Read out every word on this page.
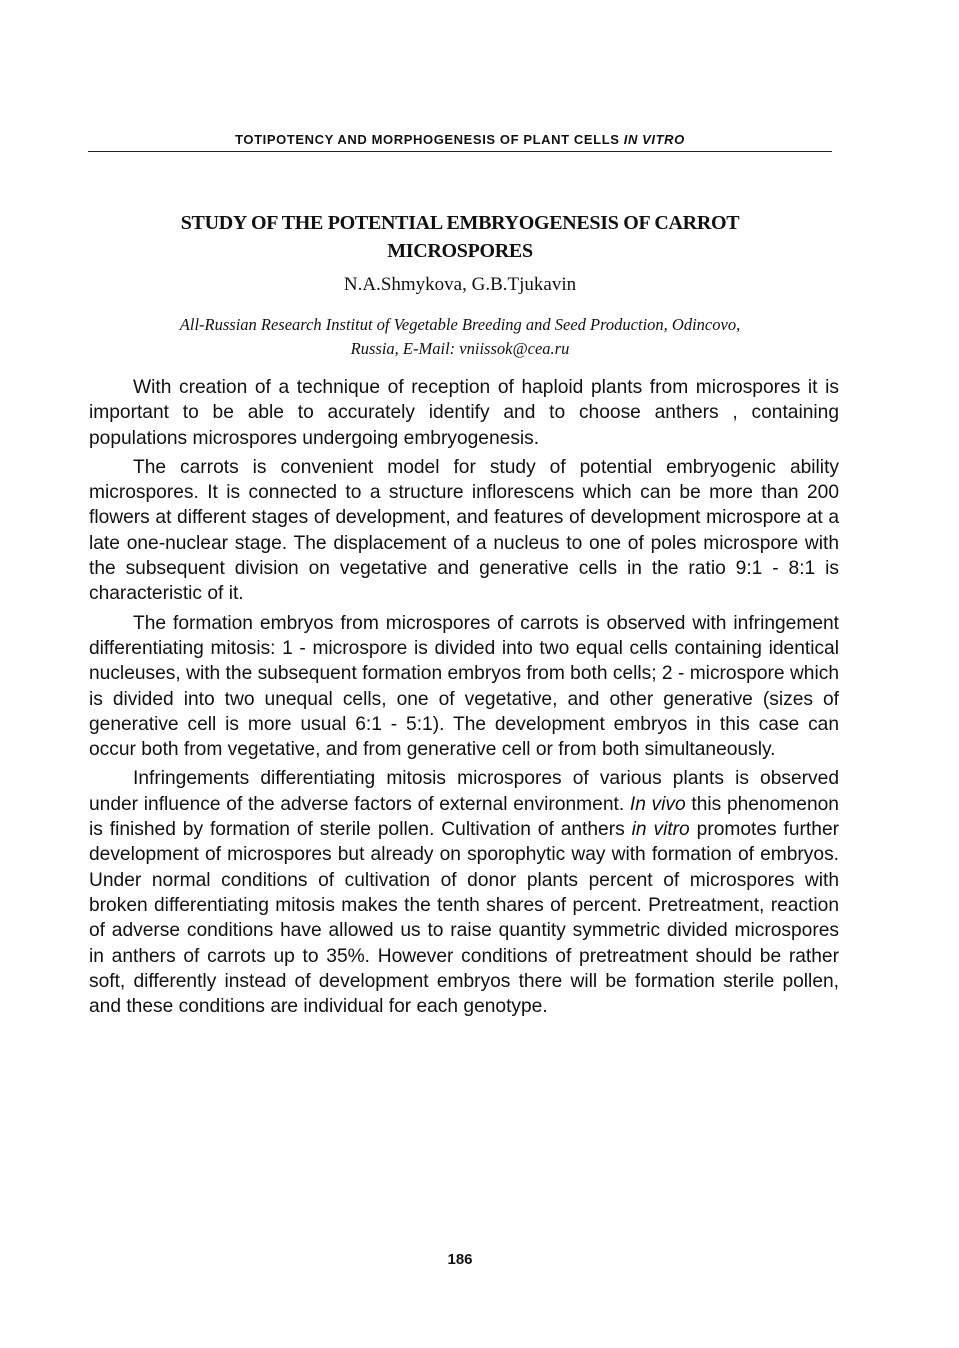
TOTIPOTENCY AND MORPHOGENESIS OF PLANT CELLS IN VITRO
STUDY OF THE POTENTIAL EMBRYOGENESIS OF CARROT
MICROSPORES
N.A.Shmykova, G.B.Tjukavin
All-Russian Research Institut of Vegetable Breeding and Seed Production, Odincovo,
Russia, E-Mail: vniissok@cea.ru

With creation of a technique of reception of haploid plants from microspores it is important to be able to accurately identify and to choose anthers , containing populations microspores undergoing embryogenesis.

The carrots is convenient model for study of potential embryogenic ability microspores. It is connected to a structure inflorescens which can be more than 200 flowers at different stages of development, and features of development microspore at a late one-nuclear stage. The displacement of a nucleus to one of poles microspore with the subsequent division on vegetative and generative cells in the ratio 9:1 - 8:1 is characteristic of it.

The formation embryos from microspores of carrots is observed with infringement differentiating mitosis: 1 - microspore is divided into two equal cells containing identical nucleuses, with the subsequent formation embryos from both cells; 2 - microspore which is divided into two unequal cells, one of vegetative, and other generative (sizes of generative cell is more usual 6:1 - 5:1). The development embryos in this case can occur both from vegetative, and from generative cell or from both simultaneously.

Infringements differentiating mitosis microspores of various plants is observed under influence of the adverse factors of external environment. In vivo this phenomenon is finished by formation of sterile pollen. Cultivation of anthers in vitro promotes further development of microspores but already on sporophytic way with formation of embryos. Under normal conditions of cultivation of donor plants percent of microspores with broken differentiating mitosis makes the tenth shares of percent. Pretreatment, reaction of adverse conditions have allowed us to raise quantity symmetric divided microspores in anthers of carrots up to 35%. However conditions of pretreatment should be rather soft, differently instead of development embryos there will be formation sterile pollen, and these conditions are individual for each genotype.

186
